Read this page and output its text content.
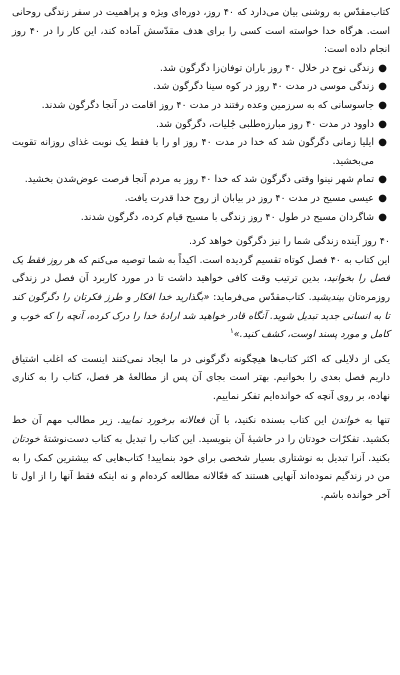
کتاب‌مقدّس به روشنی بیان می‌دارد که ۴۰ روز، دوره‌ای ویژه و پراهمیت در سفر زندگی روحانی است. هرگاه خدا خواسته است کسی را برای هدف مقدّسش آماده کند، این کار را در ۴۰ روز انجام داده است:

●
زندگی نوح در خلال ۴۰ روز باران توفان‌زا دگرگون شد.
●
زندگی موسی در مدت ۴۰ روز در کوه سینا دگرگون شد.
●
جاسوسانی که به سرزمین وعده رفتند در مدت ۴۰ روز اقامت در آنجا دگرگون شدند.
●
داوود در مدت ۴۰ روز مبارزه‌طلبی جُلیات، دگرگون شد.
●
ایلیا زمانی دگرگون شد که خدا در مدت ۴۰ روز او را با فقط یک نوبت غذای روزانه تقویت می‌بخشید.
●
تمام شهر نینوا وقتی دگرگون شد که خدا ۴۰ روز به مردم آنجا فرصت عوض‌شدن بخشید.
●
عیسی مسیح در مدت ۴۰ روز در بیابان از روح خدا قدرت یافت.
●
شاگردان مسیح در طول ۴۰ روز زندگی با مسیح قیام کرده، دگرگون شدند.

۴۰ روز آینده زندگی شما را نیز دگرگون خواهد کرد.

این کتاب به ۴۰ فصل کوتاه تقسیم گردیده است. اکیداً به شما توصیه می‌کنم که هر روز فقط یک فصل را بخوانید، بدین ترتیب وقت کافی خواهید داشت تا در مورد کاربرد آن فصل در زندگی روزمره‌تان بیندیشید. کتاب‌مقدّس می‌فرماید: «بگذارید خدا افکار و طرز فکرتان را دگرگون کند تا به انسانی جدید تبدیل شوید. آنگاه قادر خواهید شد ارادهٔ خدا را درک کرده، آنچه را که خوب و کامل و مورد پسند اوست، کشف کنید.»$^۱$

یکی از دلایلی که اکثر کتاب‌ها هیچگونه دگرگونی در ما ایجاد نمی‌کنند اینست که اغلب اشتیاق داریم فصل بعدی را بخوانیم. بهتر است بجای آن پس از مطالعهٔ هر فصل، کتاب را به کناری نهاده، بر روی آنچه که خوانده‌ایم تفکر نماییم.

تنها به خواندن این کتاب بسنده نکنید، با آن فعالانه برخورد نمایید. زیر مطالب مهم آن خط بکشید. تفکرّات خودتان را در حاشیهٔ آن بنویسید. این کتاب را تبدیل به کتاب دست‌نوشتهٔ خودتان بکنید. آنرا تبدیل به نوشتاری بسیار شخصی برای خود بنمایید! کتاب‌هایی که بیشترین کمک را به من در زندگیم نموده‌اند آنهایی هستند که فعّالانه مطالعه کرده‌ام و نه اینکه فقط آنها را از اول تا آخر خوانده باشم.
